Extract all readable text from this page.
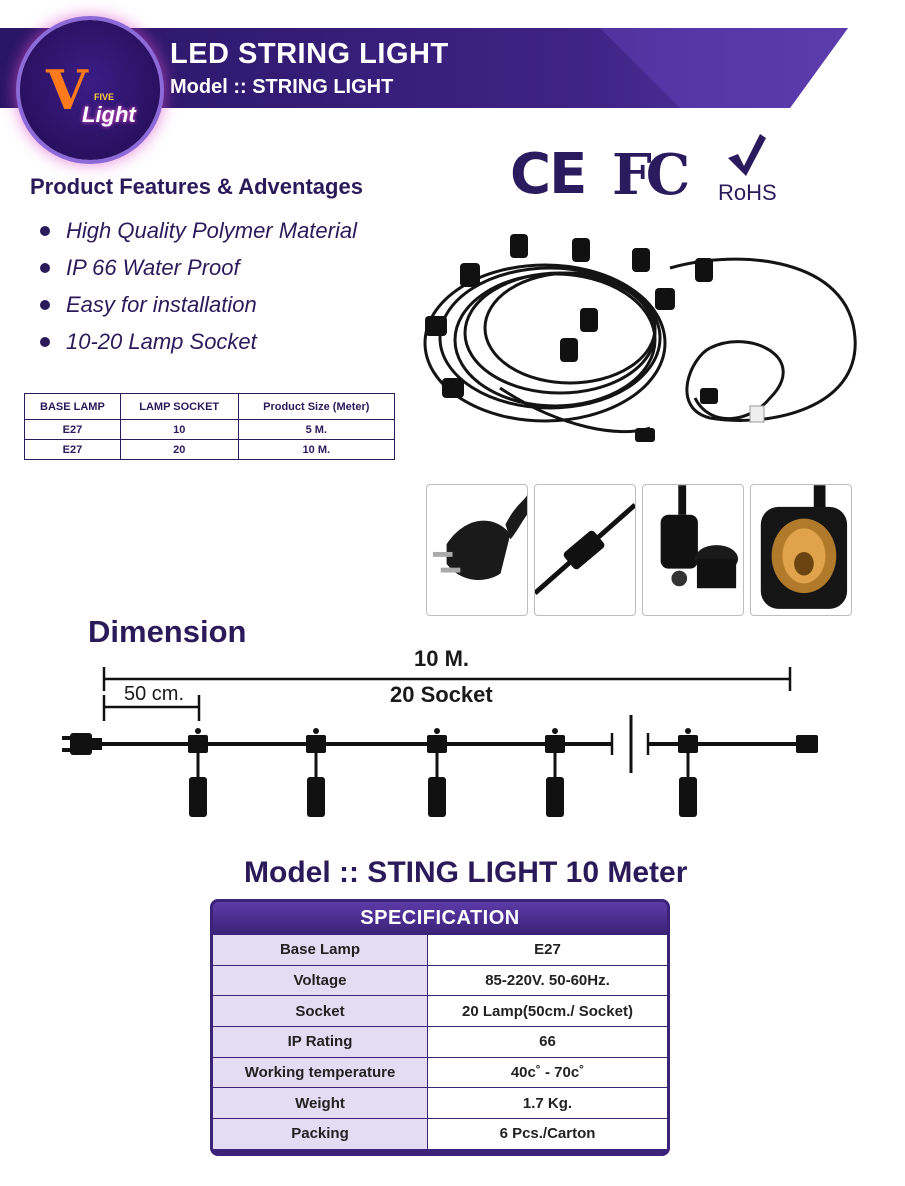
LED STRING LIGHT
Model :: STRING LIGHT
V FIVE
Light
CE FC RoHS
Product Features & Adventages
High Quality Polymer Material
IP 66 Water Proof
Easy for installation
10-20 Lamp Socket
BASE LAMP	LAMP SOCKET	Product Size (Meter)
E27	10	5 M.
E27	20	10 M.
Dimension
10 M.
20 Socket
50 cm.
Model :: STING LIGHT 10 Meter
SPECIFICATION
Base Lamp	E27
Voltage	85-220V. 50-60Hz.
Socket	20 Lamp(50cm./ Socket)
IP Rating	66
Working temperature	40c˚ - 70c˚
Weight	1.7 Kg.
Packing	6 Pcs./Carton
